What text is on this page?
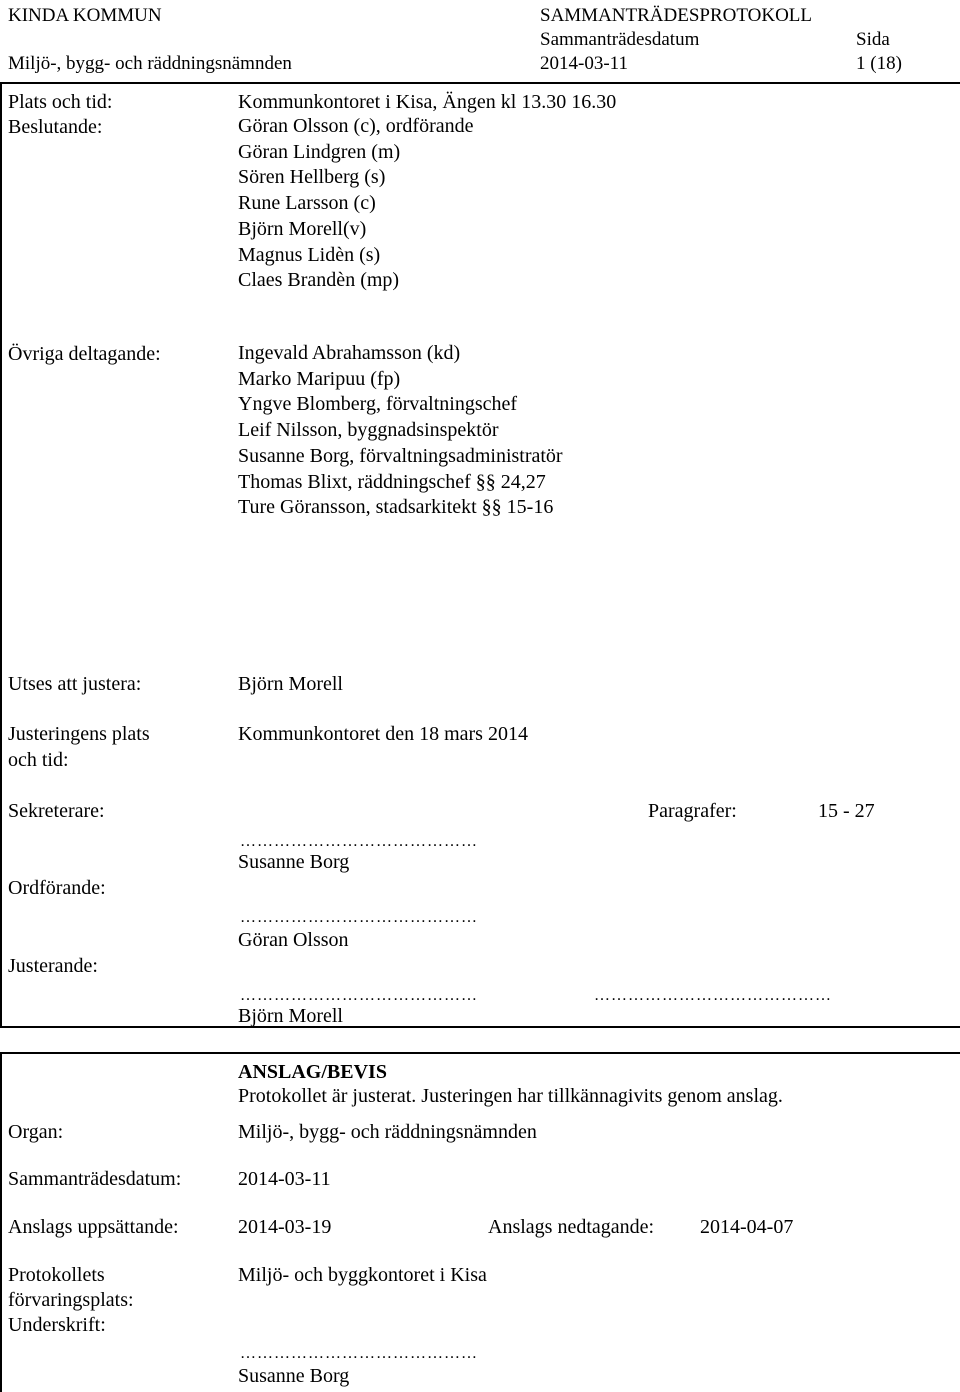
KINDA KOMMUN	SAMMANTRÄDESPROTOKOLL
Sammanträdesdatum	Sida
Miljö-, bygg- och räddningsnämnden	2014-03-11	1 (18)
Plats och tid:	Kommunkontoret i Kisa, Ängen kl 13.30 16.30
Beslutande:	Göran Olsson (c), ordförande
Göran Lindgren (m)
Sören Hellberg (s)
Rune Larsson (c)
Björn Morell(v)
Magnus Lidèn (s)
Claes Brandèn (mp)
Övriga deltagande:	Ingevald Abrahamsson (kd)
Marko Maripuu (fp)
Yngve Blomberg, förvaltningschef
Leif Nilsson, byggnadsinspektör
Susanne Borg, förvaltningsadministratör
Thomas Blixt, räddningschef §§ 24,27
Ture Göransson, stadsarkitekt §§ 15-16
Utses att justera:	Björn Morell
Justeringens plats
och tid:
Kommunkontoret den 18 mars 2014
Sekreterare:	Paragrafer:	15 - 27
……………………………………
Susanne Borg
Ordförande:
……………………………………
Göran Olsson
Justerande:
……………………………………	……………………………………
Björn Morell
ANSLAG/BEVIS
Protokollet är justerat. Justeringen har tillkännagivits genom anslag.
Organ:	Miljö-, bygg- och räddningsnämnden
Sammanträdesdatum:	2014-03-11
Anslags uppsättande:	2014-03-19	Anslags nedtagande: 2014-04-07
Protokollets
förvaringsplats:
Miljö- och byggkontoret i Kisa
Underskrift:
……………………………………
Susanne Borg
